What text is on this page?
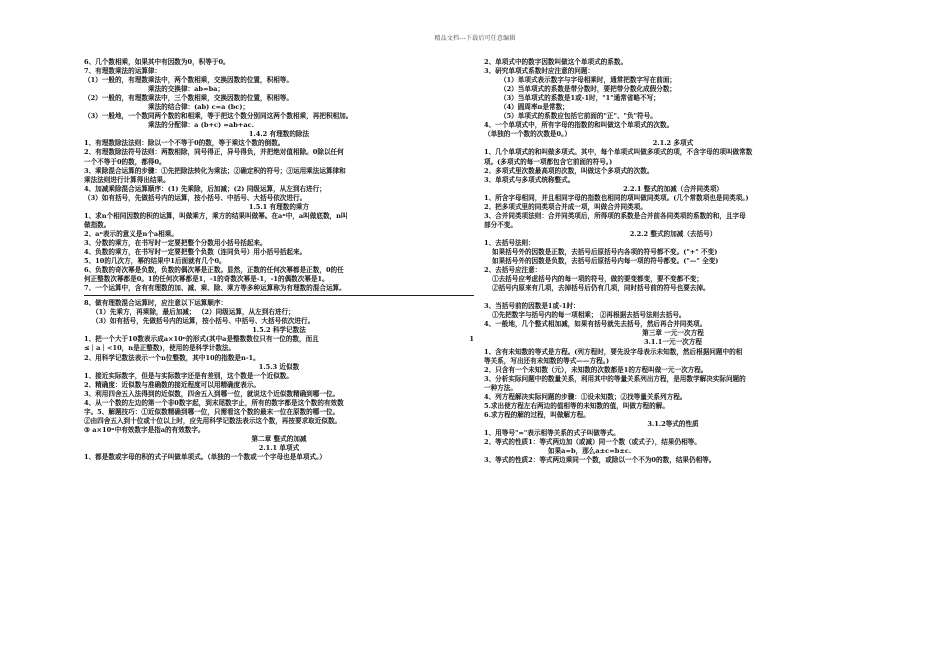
精品文档---下载后可任意编辑
6、几个数相乘，如果其中有因数为0，积等于0。
7、有理数乘法的运算律：
（1）一般的，有理数乘法中，两个数相乘，交换因数的位置，积相等。
乘法的交换律：ab=ba；
（2）一般的，有理数乘法中，三个数相乘，交换因数的位置，积相等。
乘法的结合律：(ab) c=a (bc)；
（3）一般地，一个数同两个数的和相乘，等于把这个数分别同这两个数相乘，再把积相加。
乘法的分配律：a (b+c) =ab+ac.
1.4.2 有理数的除法
1、有理数除法法则：除以一个不等于0的数，等于乘这个数的倒数。
2、有理数除法符号法则：两数相除，同号得正，异号得负，并把绝对值相除。0除以任何
一个不等于0的数，都得0。
3、乘除混合运算的步骤：①先把除法转化为乘法；②确定积的符号；③运用乘法运算律和
乘法法则进行计算得出结果。
4、加减乘除混合运算顺序：(1) 先乘除，后加减；(2) 同级运算，从左到右进行；
（3）如有括号，先做括号内的运算，按小括号、中括号、大括号依次进行。
1.5.1 有理数的乘方
1、求n个相同因数的积的运算，叫做乘方，乘方的结果叫做幂。在aⁿ中，a叫做底数，n叫
做指数。
2、aⁿ表示的意义是n个a相乘。
3、分数的乘方，在书写时一定要把整个分数用小括号括起来。
4、负数的乘方，在书写时一定要把整个负数（连同负号）用小括号括起来。
5、10的几次方，幂的结果中1后面就有几个0。
6、负数的奇次幂是负数，负数的偶次幂是正数。显然，正数的任何次幂都是正数，0的任
何正整数次幂都是0。1的任何次幂都是1，-1的奇数次幂是-1，-1的偶数次幂是1。
7、一个运算中，含有有理数的加、减、乘、除、乘方等多种运算称为有理数的混合运算。
8、做有理数混合运算时，应注意以下运算顺序：
（1）先乘方，再乘除，最后加减； （2）同级运算，从左到右进行；
（3）如有括号，先做括号内的运算，按小括号、中括号、大括号依次进行。
1.5.2 科学记数法
1、把一个大于10数表示成a×10ⁿ的形式(其中a是整数数位只有一位的数，而且	1
≤｜a｜<10，n是正整数)，使用的是科学计数法。
2、用科学记数法表示一个n位整数，其中10的指数是n-1。
1.5.3 近似数
1、接近实际数字，但是与实际数字还是有差别，这个数是一个近似数。
2、精确度：近似数与准确数的接近程度可以用精确度表示。
3、利用四舍五入法得到的近似数，四舍五入到哪一位，就说这个近似数精确到哪一位。
4、从一个数的左边的第一个非0数字起，到末尾数字止，所有的数字都是这个数的有效数
字。5、解题技巧：①近似数精确到哪一位，只需看这个数的最末一位在原数的哪一位。
②由四舍五入到十位或十位以上时，应先用科学记数法表示这个数，再按要求取近似数。
③ a×10ⁿ中有效数字是指a的有效数字。
第二章 整式的加减
2.1.1 单项式
1、都是数或字母的积的式子叫做单项式。（单独的一个数或一个字母也是单项式。）
2、单项式中的数字因数叫做这个单项式的系数。
3、研究单项式系数时应注意的问题：
（1）单项式表示数字与字母相乘时，通常把数字写在前面；
（2）当单项式的系数是带分数时，要把带分数化成假分数；
（3）当单项式的系数是1或-1时，"1"通常省略不写；
（4）圆周率π是常数；
（5）单项式的系数应包括它前面的"正"、"负"符号。
4、一个单项式中，所有字母的指数的和叫做这个单项式的次数。
（单独的一个数的次数是0。）
2.1.2 多项式
1、几个单项式的和叫做多项式。其中，每个单项式叫做多项式的项，不含字母的项叫做常数
项。(多项式的每一项都包含它前面的符号。)
2、多项式里次数最高项的次数，叫做这个多项式的次数。
3、单项式与多项式统称整式。
2.2.1 整式的加减（合并同类项）
1、所含字母相同，并且相同字母的指数也相同的项叫做同类项。(几个常数项也是同类项。)
2、把多项式里的同类项合并成一项，叫做合并同类项。
3、合并同类项法则：合并同类项后，所得项的系数是合并前各同类项的系数的和，且字母
部分不变。
2.2.2 整式的加减（去括号）
1、去括号法则：
如果括号外的因数是正数，去括号后原括号内各项的符号都不变。("+" 不变)
如果括号外的因数是负数，去括号后原括号内每一项的符号都变。("—" 全变)
2、去括号应注意：
①去括号应考虑括号内的每一项的符号，做的要变都变，要不变都不变；
②括号内原来有几项，去掉括号后仍有几项，同时括号前的符号也要去掉。

3、当括号前的因数是1或-1时：
①先把数字与括号内的每一项相乘； ②再根据去括号法则去括号。
4、一般地，几个整式相加减，如果有括号就先去括号，然后再合并同类项。
第三章 一元一次方程
3.1.1一元一次方程
1、含有未知数的等式是方程。(列方程时，要先设字母表示未知数，然后根据问题中的相
等关系，写出还有未知数的等式——方程。)
2、只含有一个未知数（元），未知数的次数都是1的方程叫做一元一次方程。
3、分析实际问题中的数量关系，利用其中的等量关系列出方程，是用数学解决实际问题的
一种方法。
4、列方程解决实际问题的步骤：①设未知数；②找等量关系列方程。
5.求出使方程左右两边的值相等的未知数的值，叫做方程的解。
6.求方程的解的过程，叫做解方程。
3.1.2等式的性质
1、用等号"="表示相等关系的式子叫做等式。
2、等式的性质1：等式两边加（或减）同一个数（或式子），结果仍相等。
如果a=b，那么a±c=b±c.
3、等式的性质2：等式两边乘同一个数，或除以一个不为0的数，结果仍相等。
